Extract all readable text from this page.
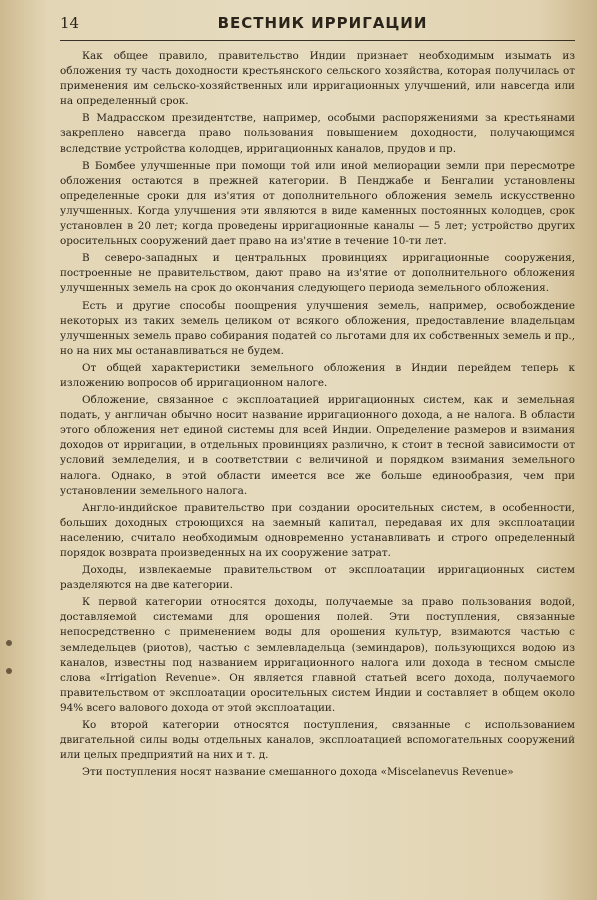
14	ВЕСТНИК ИРРИГАЦИИ

Как общее правило, правительство Индии признает необходимым изымать из обложения ту часть доходности крестьянского сельского хозяйства, которая получилась от применения им сельско-хозяйственных или ирригационных улучшений, или навсегда или на определенный срок.

В Мадрасском президентстве, например, особыми распоряжениями за крестьянами закреплено навсегда право пользования повышением доходности, получающимся вследствие устройства колодцев, ирригационных каналов, прудов и пр.

В Бомбее улучшенные при помощи той или иной мелиорации земли при пересмотре обложения остаются в прежней категории. В Пенджабе и Бенгалии установлены определенные сроки для из'ятия от дополнительного обложения земель искусственно улучшенных. Когда улучшения эти являются в виде каменных постоянных колодцев, срок установлен в 20 лет; когда проведены ирригационные каналы — 5 лет; устройство других оросительных сооружений дает право на из'ятие в течение 10-ти лет.

В северо-западных и центральных провинциях ирригационные сооружения, построенные не правительством, дают право на из'ятие от дополнительного обложения улучшенных земель на срок до окончания следующего периода земельного обложения.

Есть и другие способы поощрения улучшения земель, например, освобождение некоторых из таких земель целиком от всякого обложения, предоставление владельцам улучшенных земель право собирания податей со льготами для их собственных земель и пр., но на них мы останавливаться не будем.

От общей характеристики земельного обложения в Индии перейдем теперь к изложению вопросов об ирригационном налоге.

Обложение, связанное с эксплоатацией ирригационных систем, как и земельная подать, у англичан обычно носит название ирригационного дохода, а не налога. В области этого обложения нет единой системы для всей Индии. Определение размеров и взимания доходов от ирригации, в отдельных провинциях различно, к стоит в тесной зависимости от условий земледелия, и в соответствии с величиной и порядком взимания земельного налога. Однако, в этой области имеется все же больше единообразия, чем при установлении земельного налога.

Англо-индийское правительство при создании оросительных систем, в особенности, больших доходных строющихся на заемный капитал, передавая их для эксплоатации населению, считало необходимым одновременно устанавливать и строго определенный порядок возврата произведенных на их сооружение затрат.

Доходы, извлекаемые правительством от эксплоатации ирригационных систем разделяются на две категории.

К первой категории относятся доходы, получаемые за право пользования водой, доставляемой системами для орошения полей. Эти поступления, связанные непосредственно с применением воды для орошения культур, взимаются частью с земледельцев (риотов), частью с землевладельца (земиндаров), пользующихся водою из каналов, известны под названием ирригационного налога или дохода в тесном смысле слова «Irrigation Revenue». Он является главной статьей всего дохода, получаемого правительством от эксплоатации оросительных систем Индии и составляет в общем около 94% всего валового дохода от этой эксплоатации.

Ко второй категории относятся поступления, связанные с использованием двигательной силы воды отдельных каналов, эксплоатацией вспомогательных сооружений или целых предприятий на них и т. д.

Эти поступления носят название смешанного дохода «Miscelanevus Revenue»
